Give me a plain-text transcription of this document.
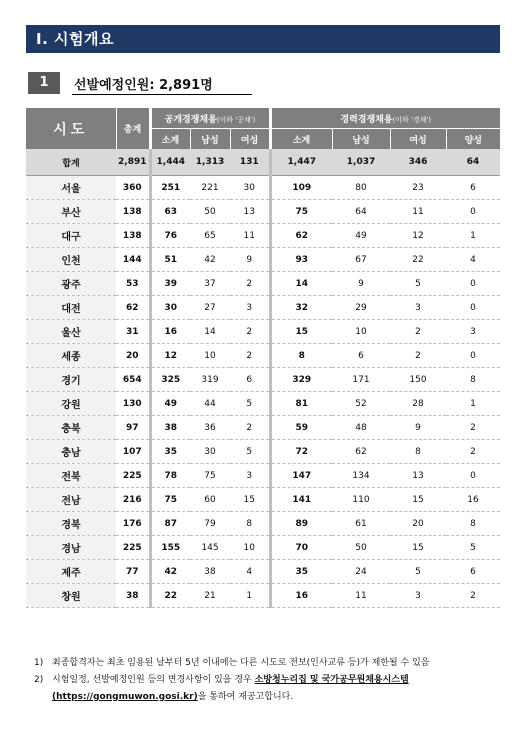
Ⅰ. 시험개요
1	선발예정인원: 2,891명
시도	총계	공개경쟁채용(이하 '공채')			경력경쟁채용(이하 '경채')			
		소계	남성	여성	소계	남성	여성	양성
합계	2,891	1,444	1,313	131	1,447	1,037	346	64
서울	360	251	221	30	109	80	23	6
부산	138	63	50	13	75	64	11	0
대구	138	76	65	11	62	49	12	1
인천	144	51	42	9	93	67	22	4
광주	53	39	37	2	14	9	5	0
대전	62	30	27	3	32	29	3	0
울산	31	16	14	2	15	10	2	3
세종	20	12	10	2	8	6	2	0
경기	654	325	319	6	329	171	150	8
강원	130	49	44	5	81	52	28	1
충북	97	38	36	2	59	48	9	2
충남	107	35	30	5	72	62	8	2
전북	225	78	75	3	147	134	13	0
전남	216	75	60	15	141	110	15	16
경북	176	87	79	8	89	61	20	8
경남	225	155	145	10	70	50	15	5
제주	77	42	38	4	35	24	5	6
창원	38	22	21	1	16	11	3	2
1) 최종합격자는 최초 임용된 날부터 5년 이내에는 다른 시도로 전보(인사교류 등)가 제한될 수 있음
2) 시험일정, 선발예정인원 등의 변경사항이 있을 경우 소방청누리집 및 국가공무원채용시스템
(https://gongmuwon.gosi.kr)을 통하여 재공고합니다.
